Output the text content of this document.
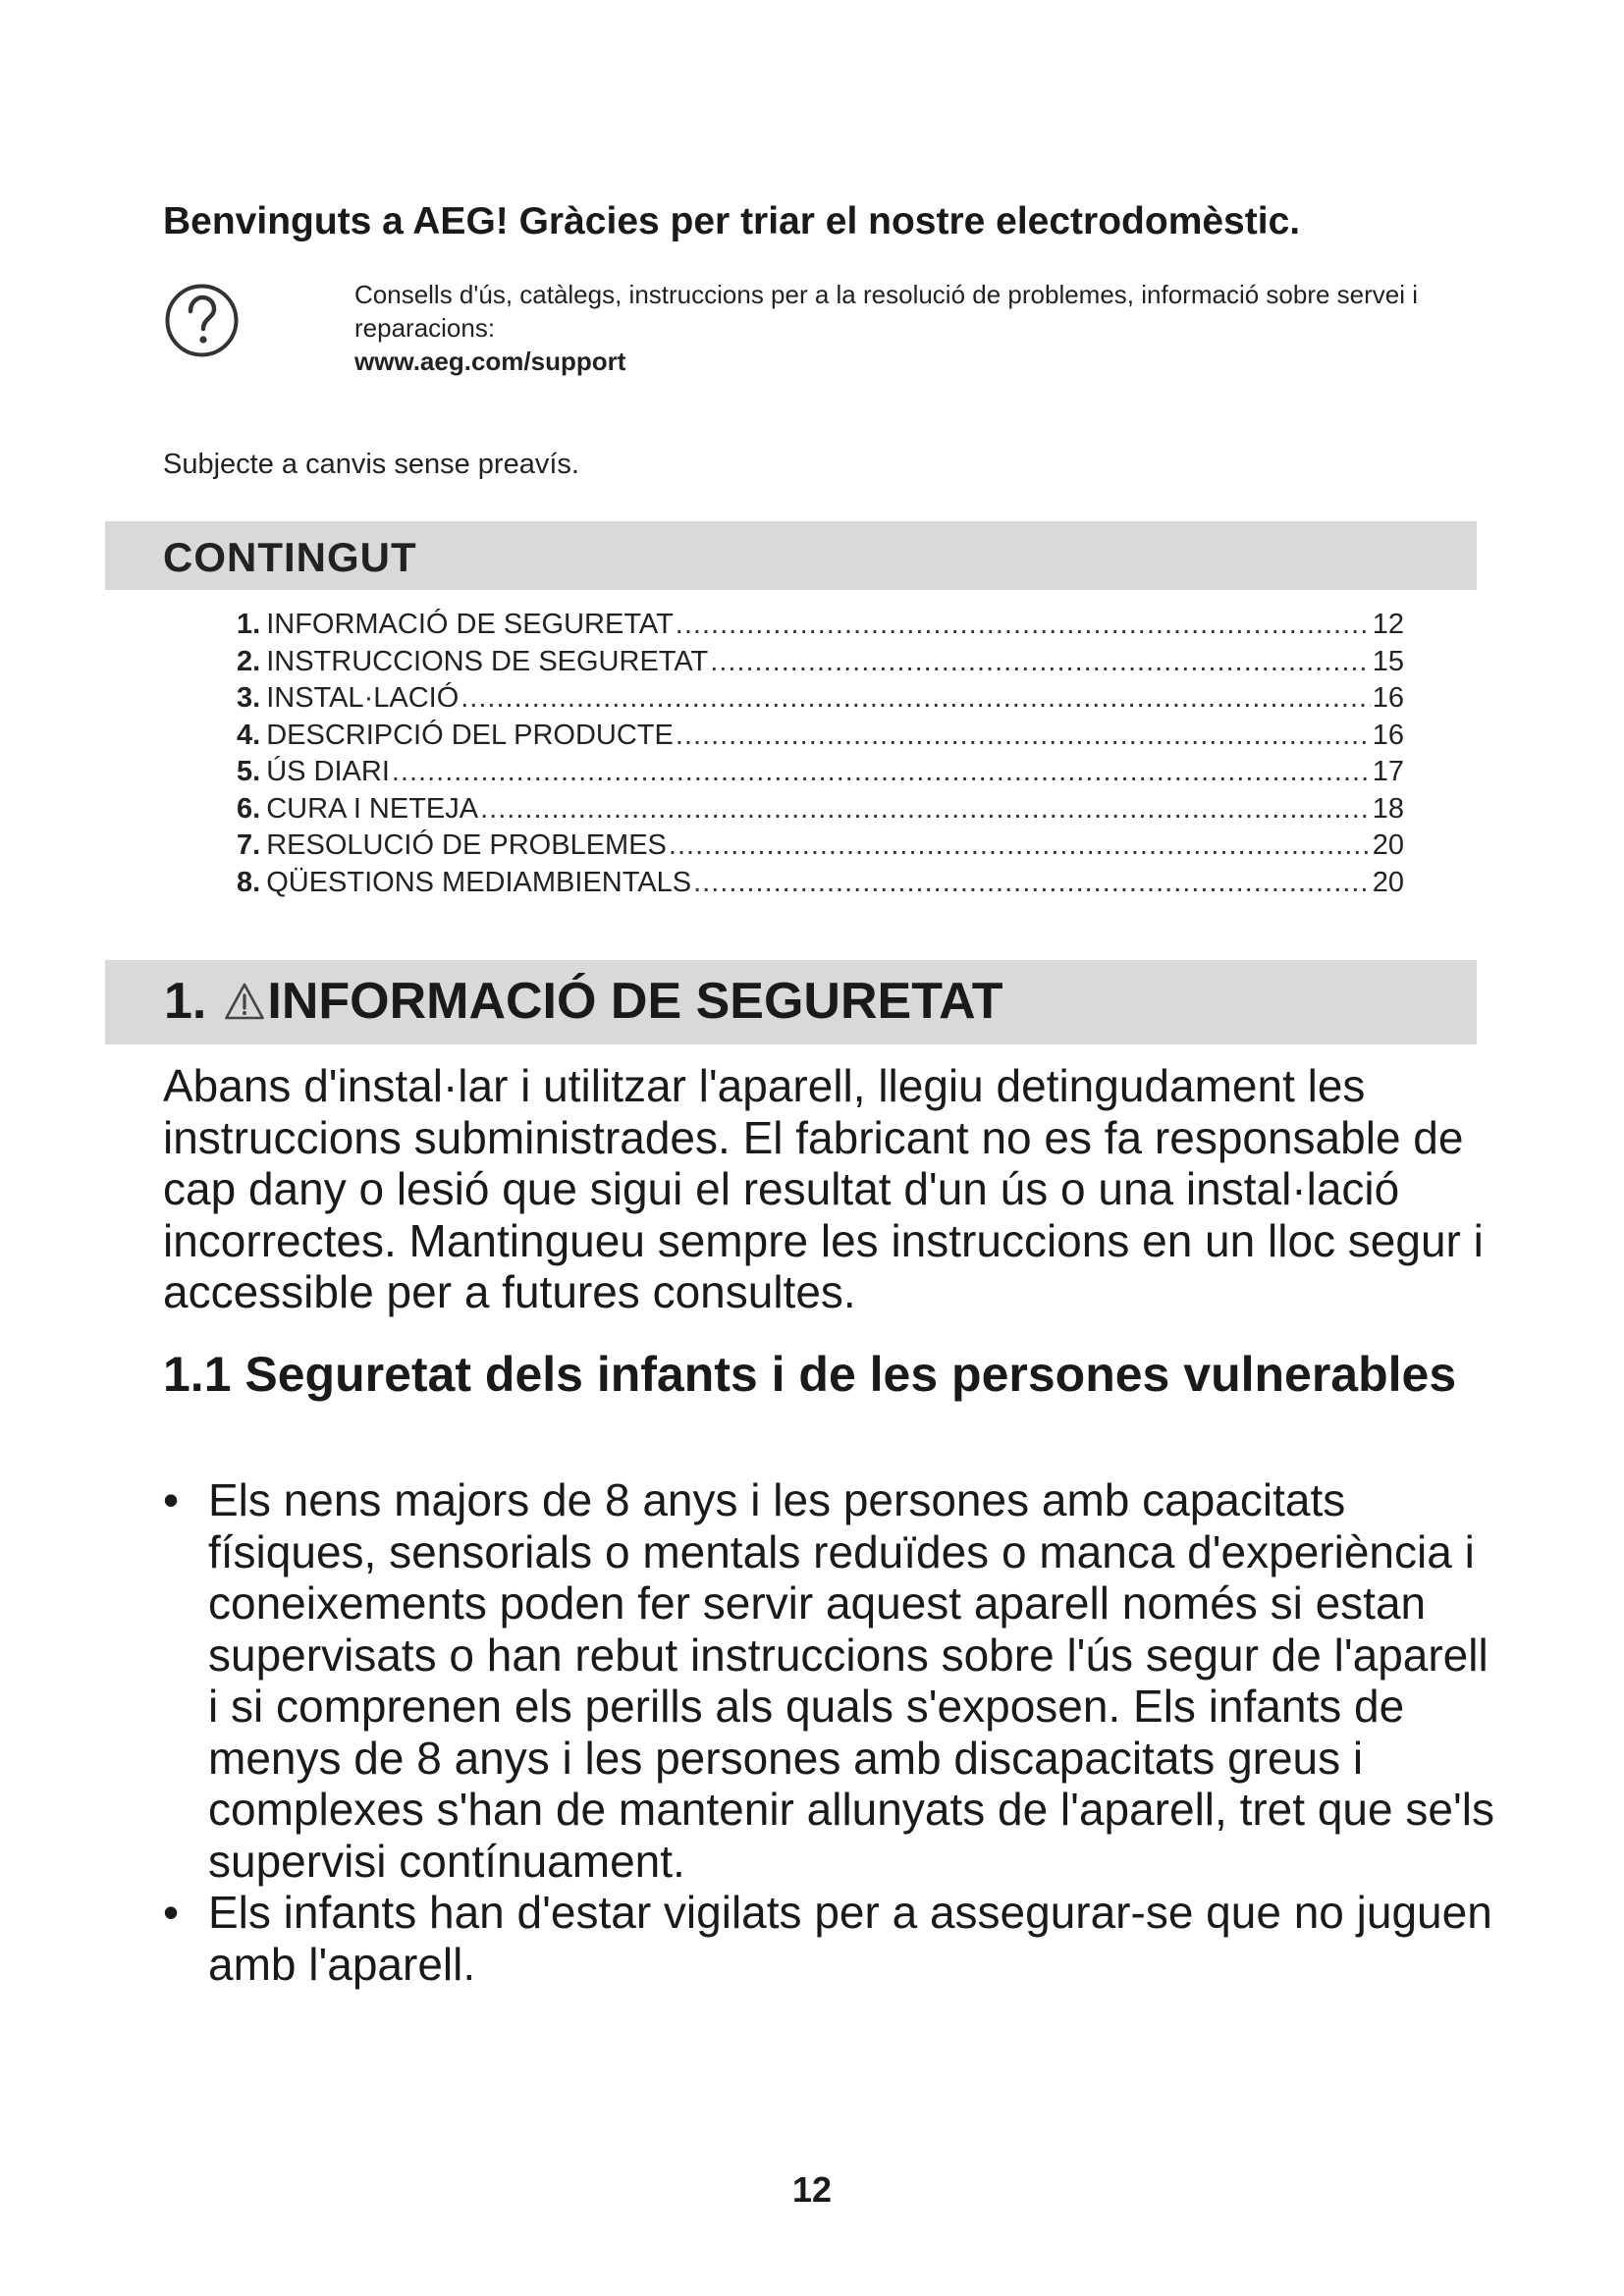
Benvinguts a AEG! Gràcies per triar el nostre electrodomèstic.
Consells d'ús, catàlegs, instruccions per a la resolució de problemes, informació sobre servei i reparacions:
www.aeg.com/support
Subjecte a canvis sense preavís.
CONTINGUT
1. INFORMACIÓ DE SEGURETAT .....	12
2. INSTRUCCIONS DE SEGURETAT .....	15
3. INSTAL·LACIÓ .....	16
4. DESCRIPCIÓ DEL PRODUCTE .....	16
5. ÚS DIARI .....	17
6. CURA I NETEJA .....	18
7. RESOLUCIÓ DE PROBLEMES .....	20
8. QÜESTIONS MEDIAMBIENTALS .....	20
1. INFORMACIÓ DE SEGURETAT

Abans d'instal·lar i utilitzar l'aparell, llegiu detingudament les instruccions subministrades. El fabricant no es fa responsable de cap dany o lesió que sigui el resultat d'un ús o una instal·lació incorrectes. Mantingueu sempre les instruccions en un lloc segur i accessible per a futures consultes.

1.1 Seguretat dels infants i de les persones vulnerables
• Els nens majors de 8 anys i les persones amb capacitats físiques, sensorials o mentals reduïdes o manca d'experiència i coneixements poden fer servir aquest aparell només si estan supervisats o han rebut instruccions sobre l'ús segur de l'aparell i si comprenen els perills als quals s'exposen. Els infants de menys de 8 anys i les persones amb discapacitats greus i complexes s'han de mantenir allunyats de l'aparell, tret que se'ls supervisi contínuament.
• Els infants han d'estar vigilats per a assegurar-se que no juguen amb l'aparell.
12
